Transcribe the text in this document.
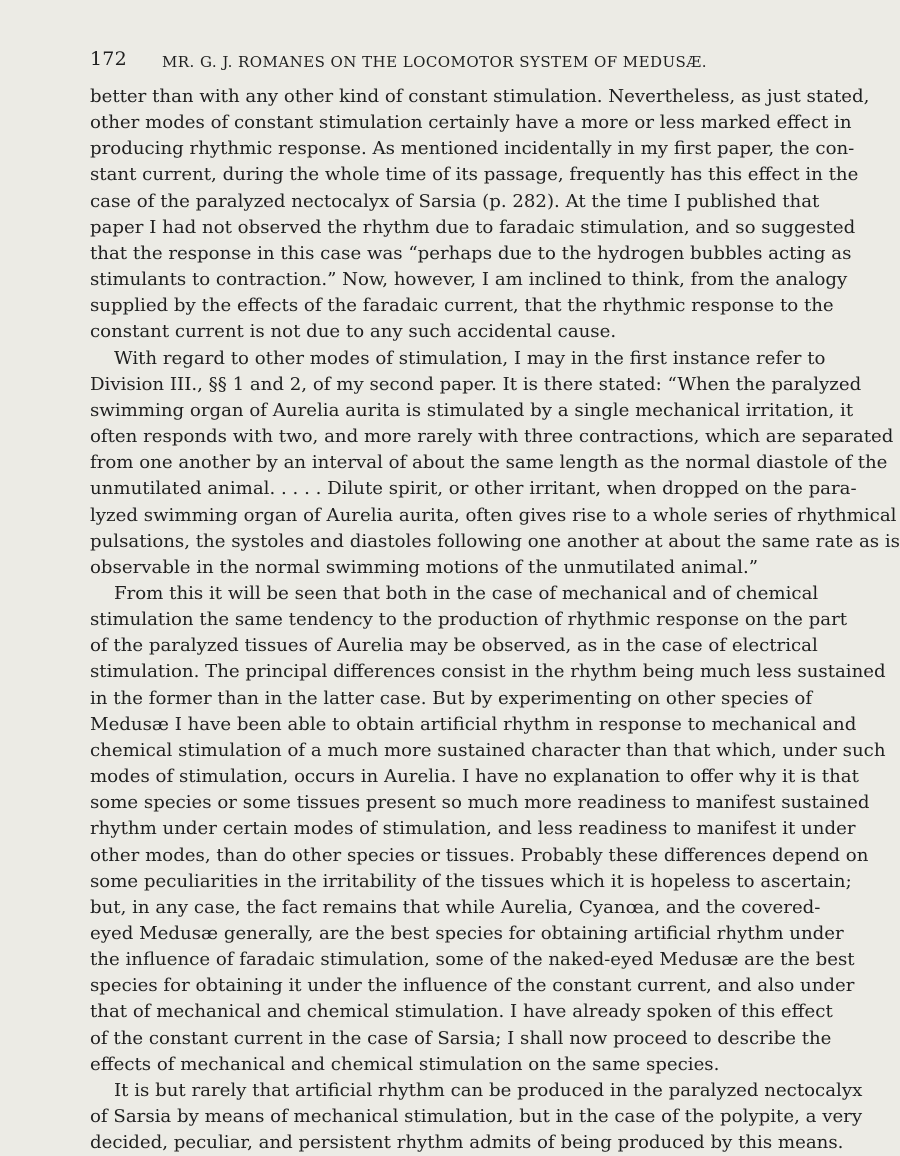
172 MR. G. J. ROMANES ON THE LOCOMOTOR SYSTEM OF MEDUSÆ.

better than with any other kind of constant stimulation. Nevertheless, as just stated,
other modes of constant stimulation certainly have a more or less marked effect in
producing rhythmic response. As mentioned incidentally in my first paper, the con-
stant current, during the whole time of its passage, frequently has this effect in the
case of the paralyzed nectocalyx of Sarsia (p. 282). At the time I published that
paper I had not observed the rhythm due to faradaic stimulation, and so suggested
that the response in this case was “perhaps due to the hydrogen bubbles acting as
stimulants to contraction.” Now, however, I am inclined to think, from the analogy
supplied by the effects of the faradaic current, that the rhythmic response to the
constant current is not due to any such accidental cause.

With regard to other modes of stimulation, I may in the first instance refer to
Division III., §§ 1 and 2, of my second paper. It is there stated: “When the paralyzed
swimming organ of Aurelia aurita is stimulated by a single mechanical irritation, it
often responds with two, and more rarely with three contractions, which are separated
from one another by an interval of about the same length as the normal diastole of the
unmutilated animal. . . . . Dilute spirit, or other irritant, when dropped on the para-
lyzed swimming organ of Aurelia aurita, often gives rise to a whole series of rhythmical
pulsations, the systoles and diastoles following one another at about the same rate as is
observable in the normal swimming motions of the unmutilated animal.”

From this it will be seen that both in the case of mechanical and of chemical
stimulation the same tendency to the production of rhythmic response on the part
of the paralyzed tissues of Aurelia may be observed, as in the case of electrical
stimulation. The principal differences consist in the rhythm being much less sustained
in the former than in the latter case. But by experimenting on other species of
Medusæ I have been able to obtain artificial rhythm in response to mechanical and
chemical stimulation of a much more sustained character than that which, under such
modes of stimulation, occurs in Aurelia. I have no explanation to offer why it is that
some species or some tissues present so much more readiness to manifest sustained
rhythm under certain modes of stimulation, and less readiness to manifest it under
other modes, than do other species or tissues. Probably these differences depend on
some peculiarities in the irritability of the tissues which it is hopeless to ascertain;
but, in any case, the fact remains that while Aurelia, Cyanœa, and the covered-
eyed Medusæ generally, are the best species for obtaining artificial rhythm under
the influence of faradaic stimulation, some of the naked-eyed Medusæ are the best
species for obtaining it under the influence of the constant current, and also under
that of mechanical and chemical stimulation. I have already spoken of this effect
of the constant current in the case of Sarsia; I shall now proceed to describe the
effects of mechanical and chemical stimulation on the same species.

It is but rarely that artificial rhythm can be produced in the paralyzed nectocalyx
of Sarsia by means of mechanical stimulation, but in the case of the polypite, a very
decided, peculiar, and persistent rhythm admits of being produced by this means.
